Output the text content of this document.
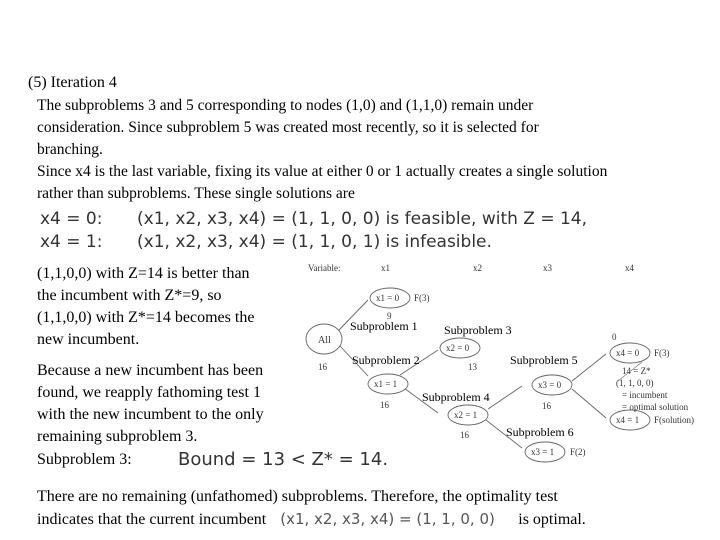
(5) Iteration 4
The subproblems 3 and 5 corresponding to nodes (1,0) and (1,1,0) remain under
consideration. Since subproblem 5 was created most recently, so it is selected for
branching.
Since x4 is the last variable, fixing its value at either 0 or 1 actually creates a single solution
rather than subproblems. These single solutions are
x4 = 0: (x1, x2, x3, x4) = (1, 1, 0, 0) is feasible, with Z = 14,
x4 = 1: (x1, x2, x3, x4) = (1, 1, 0, 1) is infeasible.
(1,1,0,0) with Z=14 is better than
the incumbent with Z*=9, so
(1,1,0,0) with Z*=14 becomes the
new incumbent.
Because a new incumbent has been
found, we reapply fathoming test 1
with the new incumbent to the only
remaining subproblem 3.
Subproblem 3:	Bound = 13 < Z* = 14.
There are no remaining (unfathomed) subproblems. Therefore, the optimality test
indicates that the current incumbent (x1, x2, x3, x4) = (1, 1, 0, 0) is optimal.
Variable:	x1	x2	x3	x4
All
16
x1 = 0 F(3)
9
x1 = 1
16
x2 = 0
13
x2 = 1
16
x3 = 0
16
x3 = 1 F(2)
x4 = 0 F(3)
x4 = 1 F(solution)
14 = Z*
(1, 1, 0, 0)
= incumbent
= optimal solution
0
Subproblem 1
Subproblem 2
Subproblem 3
Subproblem 4
Subproblem 5
Subproblem 6
